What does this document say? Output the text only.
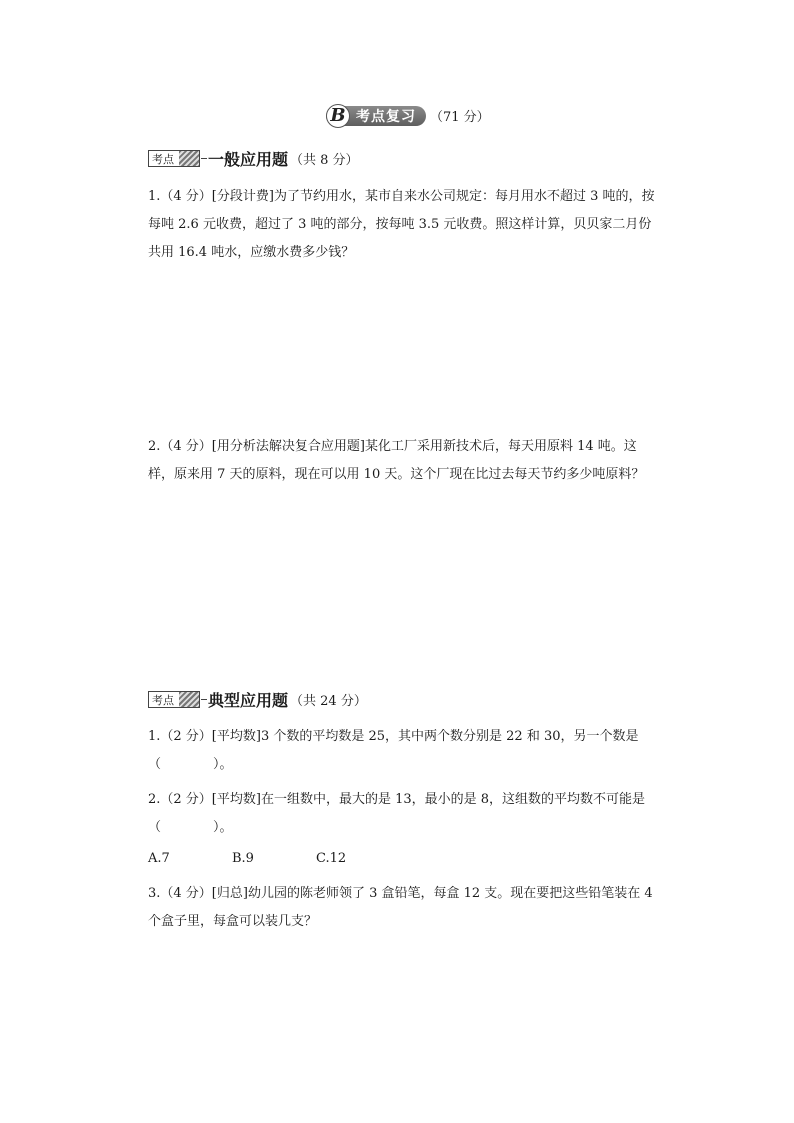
B 考点复习 （71 分）
考点	一般应用题 （共 8 分）

1.（4 分）[分段计费]为了节约用水，某市自来水公司规定：每月用水不超过 3 吨的，按每吨 2.6 元收费，超过了 3 吨的部分，按每吨 3.5 元收费。照这样计算，贝贝家二月份共用 16.4 吨水，应缴水费多少钱？

2.（4 分）[用分析法解决复合应用题]某化工厂采用新技术后，每天用原料 14 吨。这样，原来用 7 天的原料，现在可以用 10 天。这个厂现在比过去每天节约多少吨原料？

考点	典型应用题 （共 24 分）

1.（2 分）[平均数]3 个数的平均数是 25，其中两个数分别是 22 和 30，另一个数是（　　　　）。

2.（2 分）[平均数]在一组数中，最大的是 13，最小的是 8，这组数的平均数不可能是（　　　　）。

A.7	B.9	C.12

3.（4 分）[归总]幼儿园的陈老师领了 3 盒铅笔，每盒 12 支。现在要把这些铅笔装在 4 个盒子里，每盒可以装几支？
